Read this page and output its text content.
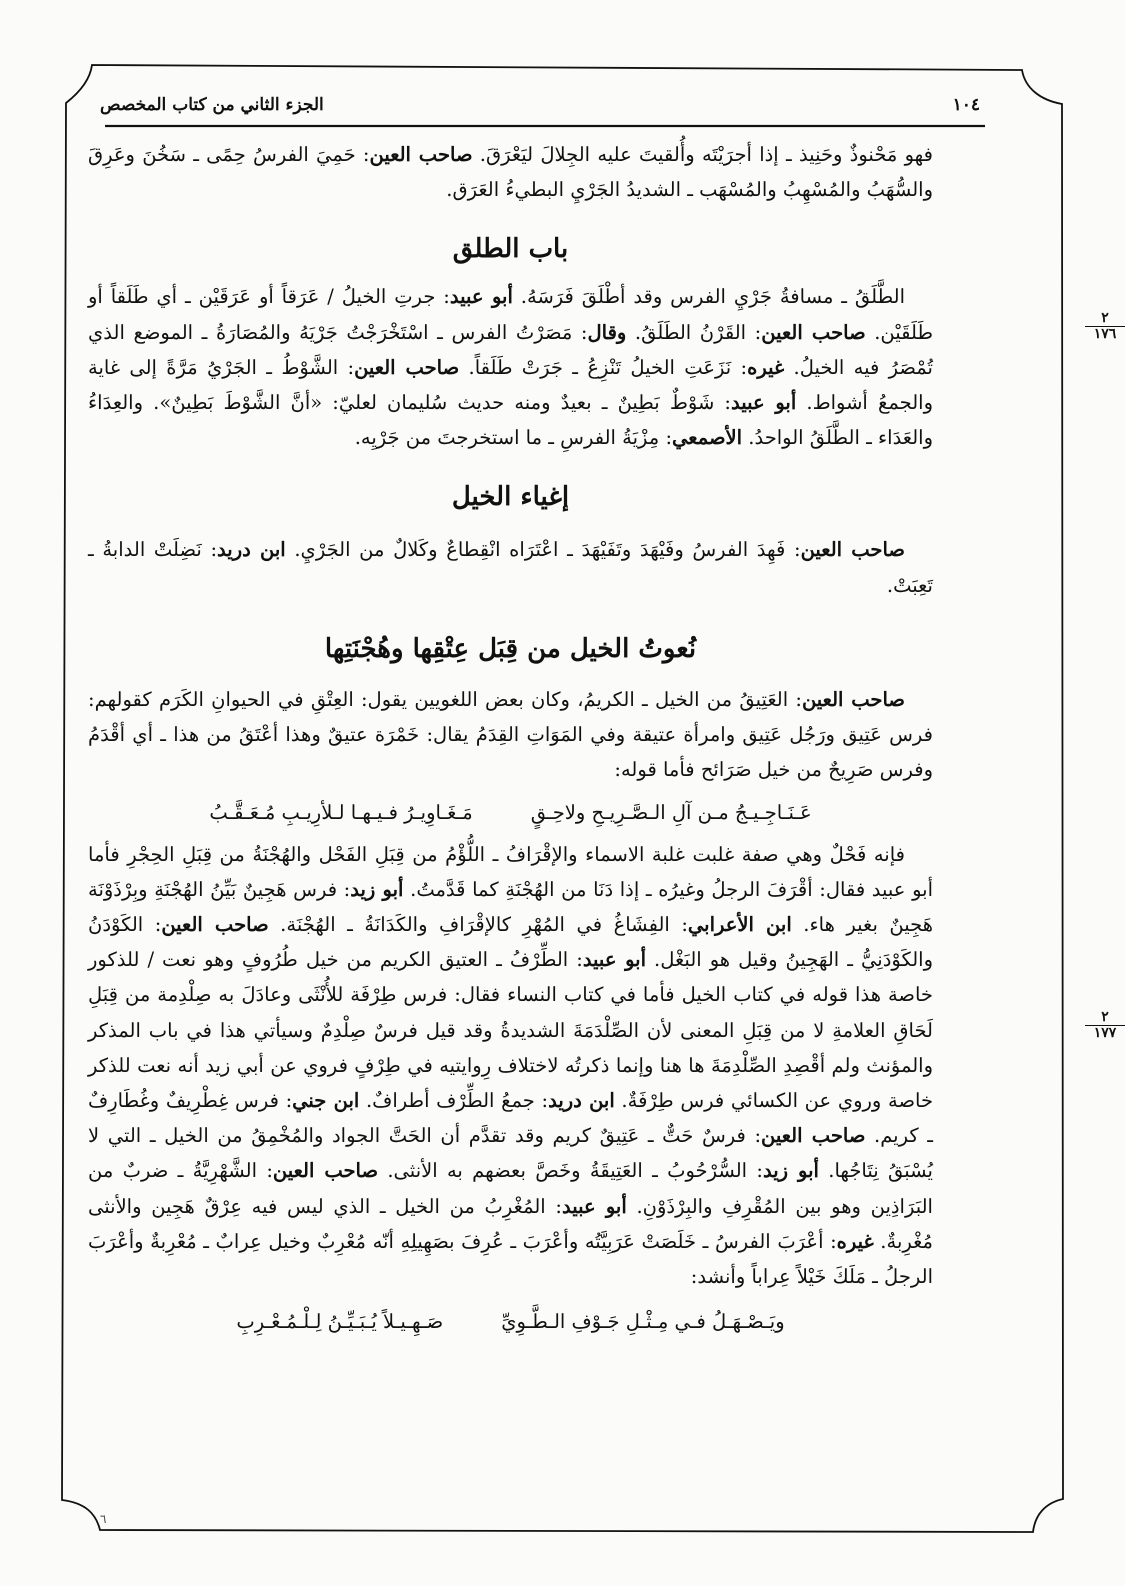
١٠٤
الجزء الثاني من كتاب المخصص
٢
١٧٦
٢
١٧٧

فهو مَحْنوذٌ وحَنِيذ ـ إذا أجرَيْتَه وأُلقيتَ عليه الجِلالَ ليَعْرَقَ. صاحب العين: حَمِيَ الفرسُ حِمًى ـ سَخُنَ وعَرِقَ والسُّهَبُ والمُسْهِبُ والمُسْهَب ـ الشديدُ الجَرْيِ البطيءُ العَرَق.

باب الطلق

الطَّلَقُ ـ مسافةُ جَرْيِ الفرس وقد أطْلَقَ فَرَسَهُ. أبو عبيد: جرتِ الخيلُ / عَرَقاً أو عَرَقَيْن ـ أي طَلَقاً أو طَلَقَيْن. صاحب العين: القَرْنُ الطَلَقُ. وقال: مَصَرْتُ الفرس ـ اسْتَخْرَجْتُ جَرْيَهُ والمُصَارَةُ ـ الموضع الذي تُمْصَرُ فيه الخيلُ. غيره: نَزَعَتِ الخيلُ تَنْزِعُ ـ جَرَتْ طَلَقاً. صاحب العين: الشَّوْطُ ـ الجَرْيُ مَرَّةً إلى غاية والجمعُ أشواط. أبو عبيد: شَوْطٌ بَطِينٌ ـ بعيدٌ ومنه حديث سُليمان لعليّ: «أنَّ الشَّوْطَ بَطِينٌ». والعِدَاءُ والعَدَاء ـ الطَّلَقُ الواحدُ. الأصمعي: مِزْيَةُ الفرسِ ـ ما استخرجتَ من جَرْيِه.

إغياء الخيل

صاحب العين: فَهِدَ الفرسُ وفَيْهَدَ وتَفَيْهَدَ ـ اعْتَرَاه انْقِطاعٌ وكَلالٌ من الجَرْيِ. ابن دريد: نَضِلَتْ الدابةُ ـ تَعِبَتْ.

نُعوتُ الخيل من قِبَل عِتْقِها وهُجْنَتِها

صاحب العين: العَتِيقُ من الخيل ـ الكريمُ، وكان بعض اللغويين يقول: العِتْقِ في الحيوانِ الكَرَم كقولهم: فرس عَتِيق ورَجُل عَتِيق وامرأة عتيقة وفي المَوَاتِ القِدَمُ يقال: خَمْرَة عتيقٌ وهذا أعْتَقُ من هذا ـ أي أقْدَمُ وفرس صَرِيحٌ من خيل صَرَائح فأما قوله:

عَـنَـاجِـيـجُ مـن آلِ الـصَّـرِيـحِ ولاحِـقٍ
مَـغَـاوِيـرُ فـيـهـا لـلأرِيـبِ مُـعَـقَّـبُ

فإنه فَحْلٌ وهي صفة غلبت غلبة الاسماء والإقْرَافُ ـ اللُّؤْمُ من قِبَلِ الفَحْل والهُجْنَةُ من قِبَلِ الحِجْرِ فأما أبو عبيد فقال: أقْرَفَ الرجلُ وغيرُه ـ إذا دَنَا من الهُجْنَةِ كما قَدَّمتُ. أبو زيد: فرس هَجِينٌ بَيِّنُ الهُجْنَةِ وبِرْذَوْنَة هَجِينٌ بغير هاء. ابن الأعرابي: الفِشَاغُ في المُهْرِ كالإقْرَافِ والكَدَانَةُ ـ الهُجْنَة. صاحب العين: الكَوْدَنُ والكَوْدَنِيُّ ـ الهَجِينُ وقيل هو البَغْل. أبو عبيد: الطِّرْفُ ـ العتيق الكريم من خيل طُرُوفٍ وهو نعت / للذكور خاصة هذا قوله في كتاب الخيل فأما في كتاب النساء فقال: فرس طِرْفَة للأُنْثَى وعادَلَ به صِلْدِمة من قِبَلِ لَحَاقِ العلامةِ لا من قِبَلِ المعنى لأن الصِّلْدَمَةَ الشديدةُ وقد قيل فرسٌ صِلْدِمٌ وسيأتي هذا في باب المذكر والمؤنث ولم أقْصِدِ الصِّلْدِمَةَ ها هنا وإنما ذكرتُه لاختلاف رِوايتيه في طِرْفٍ فروي عن أبي زيد أنه نعت للذكر خاصة وروي عن الكسائي فرس طِرْفَةٌ. ابن دريد: جمعُ الطِّرْف أطرافٌ. ابن جني: فرس غِطْرِيفٌ وغُطَارِفٌ ـ كريم. صاحب العين: فرسٌ حَتٌّ ـ عَتِيقٌ كريم وقد تقدَّم أن الحَتَّ الجواد والمُخْمِقُ من الخيل ـ التي لا يُسْبَقُ نِتَاجُها. أبو زيد: السُّرْحُوبُ ـ العَتِيقَةُ وخَصَّ بعضهم به الأنثى. صاحب العين: الشَّهْرِيَّةُ ـ ضربٌ من البَرَاذِين وهو بين المُقْرِفِ والبِرْذَوْنِ. أبو عبيد: المُغْرِبُ من الخيل ـ الذي ليس فيه عِرْقٌ هَجِين والأنثى مُغْرِبةٌ. غيره: أعْرَبَ الفرسُ ـ خَلَصَتْ عَرَبِيَّتُه وأعْرَبَ ـ عُرِفَ بصَهِيلِهِ أنّه مُعْرِبٌ وخيل عِرابٌ ـ مُعْرِبةٌ وأعْرَبَ الرجلُ ـ مَلَكَ خَيْلاً عِراباً وأنشد:

ويَـصْـهَـلُ فـي مِـثْـلِ جَـوْفِ الـطَّـوِيِّ
صَـهِـيـلاً يُـبَـيِّـنُ لِـلْـمُـعْـرِبِ
٦
